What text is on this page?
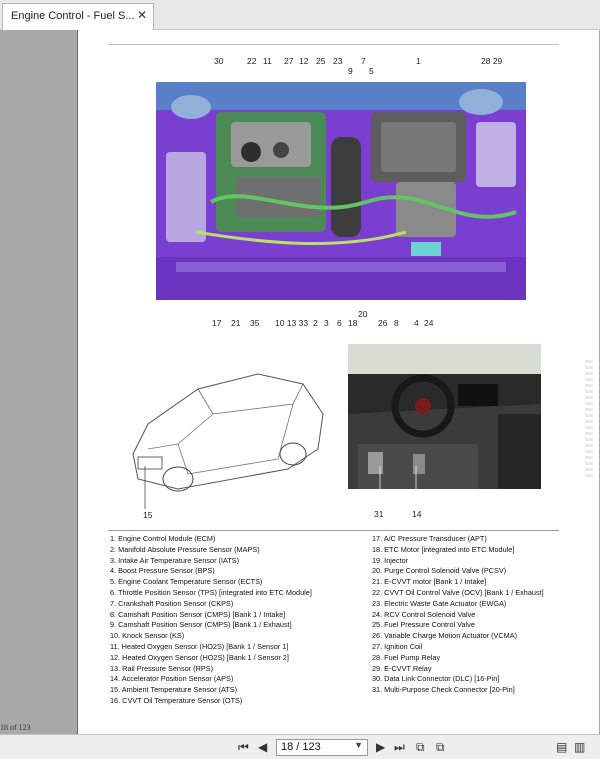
Engine Control - Fuel S... ✕
30	22 11 27 12 25 23
9
7
5
1	28 29
17 21 35 10 13 33 2 3 6 18
20
26 8 4 24
15	31	14
1. Engine Control Module (ECM)
2. Manifold Absolute Pressure Sensor (MAPS)
3. Intake Air Temperature Sensor (IATS)
4. Boost Pressure Sensor (BPS)
5. Engine Coolant Temperature Sensor (ECTS)
6. Throttle Position Sensor (TPS) [integrated into ETC Module]
7. Crankshaft Position Sensor (CKPS)
8. Camshaft Position Sensor (CMPS) [Bank 1 / Intake]
9. Camshaft Position Sensor (CMPS) [Bank 1 / Exhaust]
10. Knock Sensor (KS)
11. Heated Oxygen Sensor (HO2S) [Bank 1 / Sensor 1]
12. Heated Oxygen Sensor (HO2S) [Bank 1 / Sensor 2]
13. Rail Pressure Sensor (RPS)
14. Accelerator Position Sensor (APS)
15. Ambient Temperature Sensor (ATS)
16. CVVT Oil Temperature Sensor (OTS)
17. A/C Pressure Transducer (APT)
18. ETC Motor [integrated into ETC Module]
19. Injector
20. Purge Control Solenoid Valve (PCSV)
21. E-CVVT motor [Bank 1 / Intake]
22. CVVT Oil Control Valve (OCV) [Bank 1 / Exhaust]
23. Electric Waste Gate Actuator (EWGA)
24. RCV Control Solenoid Valve
25. Fuel Pressure Control Valve
26. Variable Charge Motion Actuator (VCMA)
27. Ignition Coil
28. Fuel Pump Relay
29. E-CVVT Relay
30. Data Link Connector (DLC) [16-Pin]
31. Multi-Purpose Check Connector [20-Pin]
18 of 123
⏮ ◀ 18 / 123	▼ ▶ ⏭ ⧉ ⧉	▤ ▥
